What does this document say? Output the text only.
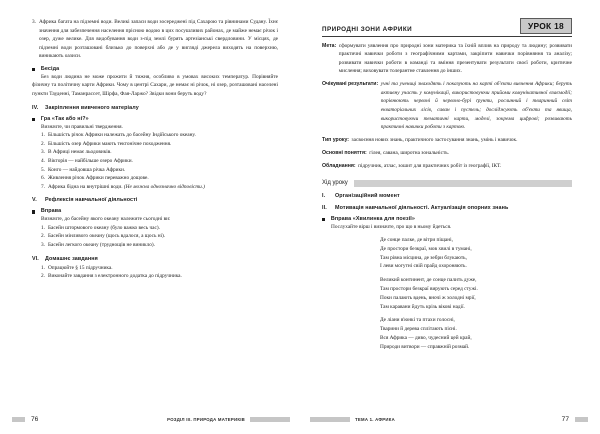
3. Африка багата на підземні води. Великі запаси води зосереджені під Сахарою та рівнинами Судану. Їхнє значення для забезпечення населення прісною водою в цих посушливих районах, де майже немає річок і озер, дуже велике. Для видобування води з-під землі бурять артезіанські свердловини. У місцях, де підземні води розташовані близько до поверхні або де у вигляді джерела виходять на поверхню, виникають оазиси.
Бесіда
Без води людина не може прожити й тижня, особливо в умовах високих температур. Порівняйте фізичну та політичну карти Африки. Чому в центрі Сахари, де немає ні річок, ні озер, розташовані населені пункти Тауденні, Таманрассет, Шірфа, Фая-Ларжо? Звідки вони беруть воду?
IV.	Закріплення вивченого матеріалу
Гра «Так або ні?»
Визначте, чи правильні твердження.
1. Більшість річок Африки належать до басейну Індійського океану.
2. Більшість озер Африки мають тектонічне походження.
3. В Африці немає льодовиків.
4. Вікторія — найбільше озеро Африки.
5. Конго — найдовша річка Африки.
6. Живлення річок Африки переважно дощове.
7. Африка бідна на внутрішні води. (Не можна однозначно відповісти.)
V.	Рефлексія навчальної діяльності
Вправа
Визначте, до басейну якого океану належите сьогодні ви:
1. Басейн штормового океану (було важко весь час).
2. Басейн мінливого океану (щось вдалося, а щось ні).
3. Басейн легкого океану (труднощів не виникло).
VI.	Домашнє завдання
1. Опрацюйте § 15 підручника.
2. Виконайте завдання з електронного додатка до підручника.
76	РОЗДІЛ ІІІ. ПРИРОДА МАТЕРИКІВ
ПРИРОДНІ ЗОНИ АФРИКИ	УРОК 18
Мета: сформувати уявлення про природні зони материка та їхній вплив на природу та людину; розвивати практичні навички роботи з географічними картами, закріпити навички порівняння та аналізу; розвивати навички роботи в команді та вміння презентувати результати своєї роботи, критичне мислення; виховувати толерантне ставлення до інших.
Очікувані результати: учні та учениці знаходять і показують на карті об'єкти вивчення Африки; беруть активну участь у комунікації, використовуючи прийоми комунікативної взаємодії; порівнюють червоні й червоно-бурі ґрунти, рослинний і тваринний світ екваторіальних лісів, саван і пустель; досліджують об'єкти та явища, використовуючи тематичні карти, моделі, зокрема цифрові; розвивають практичні навички роботи з картою.
Тип уроку: засвоєння нових знань, практичного застосування знань, умінь і навичок.
Основні поняття: гілея, савана, широтна зональність.
Обладнання: підручник, атлас, зошит для практичних робіт із географії, ІКТ.
Хід уроку
I.	Організаційний момент
II.	Мотивація навчальної діяльності. Актуалізація опорних знань
Вправа «Хвилинка для поезії»
Послухайте вірш і визначте, про що в ньому йдеться.
Де сонце палке, де вітри піщані,
Де простори безкраї, мов хвилі в тумані,
Там рівна місцина, де зебри блукають,
І леви могутні свій прайд охороняють.
Великий континент, де сонце палить дуже,
Там простори безкраї вирують серед стужі.
Поки палають вдень, вночі ж холодні мрії,
Там каравани йдуть крізь вікові надії.
Де ліани в'юнкі та птахи голосні,
Тварини й дерева сплітають пісні.
Вся Африка — диво, чудесний цей край,
Природи витвори — справжній розмай.
ТЕМА 1. АФРИКА	77
